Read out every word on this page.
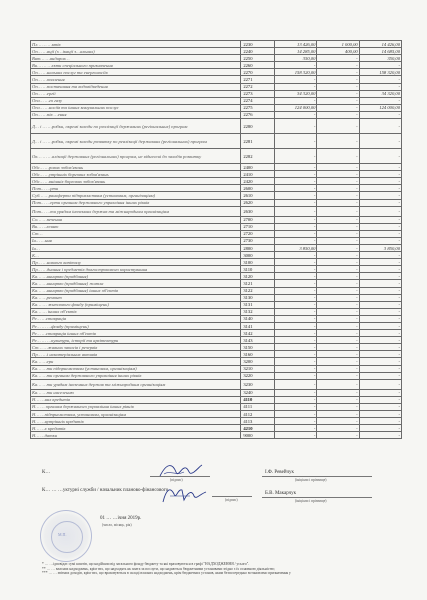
Пл… … …ктів	2230	13 426,00	1 000,00	14 426,00
Оп… …ації (з…ікації з…альних)	2240	14 285,00	400,00	14 685,00
Вит… …андиров…	2250	350,00	-	350,00
Ви… … …єкти спеціального призначення	2260	-	-	-
Оп… …нальних послуг та енергоносіїв	2270	158 320,00	-	158 320,00
Оп… …опалення	2271	-	-	-
Оп… …постачання та водовідведення	2272	-	-	-
Оп… …ергії	2273	34 320,00	-	34 320,00
Опл… …го газу	2274	-	-	-
Опл… …носіїв та інших комунальних послуг	2275	124 000,00	-	124 000,00
Оп… …пів …ення	2276	-	-	-
Д… і … …робки, окремі заходи по реалізації державних (регіональних) програм	2280	-	-	-
Д… і … …робки, окремі заходи розвитку по реалізації державних (регіональних) програм	2281	-	-	-
Ок… … …алізації державних (регіональних) програм, не віднесені до заходів розвитку	2282	-	-	-
Обс… …рових зобов'язань	2400	-	-	-
Обс… …утрішніх боргових зобов'язань	2410	-	-	-
Обс… …внішніх боргових зобов'язань	2420	-	-	-
Пот… …рти	2600	-	-	-
Суб… …рансферти підприємствам (установам, організаціям)	2610	-	-	-
Пот… …ерти органам державного управління інших рівнів	2620	-	-	-
Пот… …ти урядам іноземних держав та міжнародним організаціям	2630	-	-	-
Со… …печення	2700	-	-	-
Ви… …ленню	2710	-	-	-
Ст…	2720	-	-	-
Ін… …ння	2730	-	-	-
Ін…	2800	3 850,00	-	3 850,00
К…	3000	-	-	-
Пр… …новного капіталу	3100	-	-	-
Пр… …днання і предметів довгострокового користування	3110	-	-	-
Ка… …нництво (придбання)	3120	-	-	-
Ка… …нництво (придбання) житла	3121	-	-	-
Ка… …нництво (придбання) інших об'єктів	3122	-	-	-
Ка… …ремонт	3130	-	-	-
Ка… … житлового фонду (приміщень)	3131	-	-	-
Ка… … інших об'єктів	3132	-	-	-
Ре… …ставрація	3140	-	-	-
Ре… … …фонду (приміщень)	3141	-	-	-
Ре… …ставрація інших об'єктів	3142	-	-	-
Ре… … …культури, історії та архітектури	3143	-	-	-
Ст… …жавних запасів і резервів	3150	-	-	-
Пр… …і нематеріальних активів	3160	-	-	-
Ка… …ери	3200	-	-	-
Ка… …ти підприємствам (установам, організаціям)	3210	-	-	-
Ка… …ти органам державного управління інших рівнів	3220	-	-	-
Ка… …ти урядам іноземних держав та міжнародним організаціям	3230	-	-	-
Ка… …ти населенню	3240	-	-	-
Н… …них кредитів	4110	-	-	-
Н… … органам державного управління інших рівнів	4111	-	-	-
Н… …підприємствам, установам, організаціям	4112	-	-	-
Н… …нутрішніх кредитів	4113	-	-	-
Н… …х кредитів	4210	-	-	-
Н… …датки	9000	-	-	-
К…
(підпис)
І.Ф. Ревейчук
(ініціали і прізвище)
К… … …уктурні служби / начальник планово-фінансового
(підпис)
Б.В. Макарчук
(ініціали і прізвище)
01 … …ічня 2019р.
(число, місяць, рік)
М.П.
* … …ідповідає сумі коштів, що надійшли від загального фонду бюджету та які враховуються в графі "НАДХОДЖЕННЯ / усього".
** … … власних надходжень, крім тих, що надходять як плата за послуги, що надаються бюджетними установами згідно з їх основною діяльністю;
*** … … звітних доходів, крім тих, що враховуються в складі власних надходжень, крім бюджетних установ, яким безпосередньо встановлено призначення у
